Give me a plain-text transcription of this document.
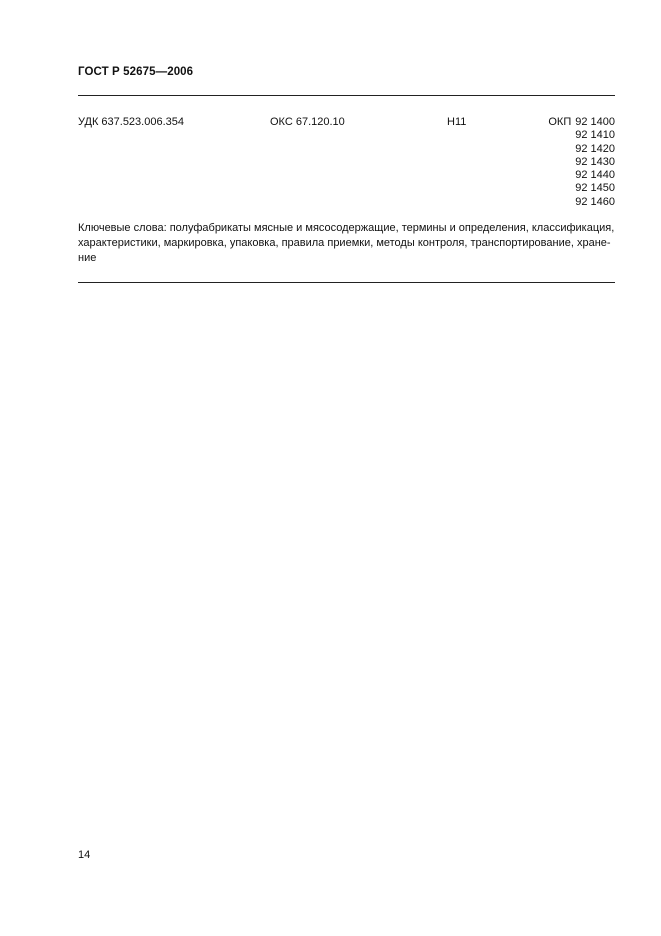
ГОСТ Р 52675—2006
УДК 637.523.006.354	ОКС 67.120.10	Н11	ОКП 92 1400
92 1410
92 1420
92 1430
92 1440
92 1450
92 1460
Ключевые слова: полуфабрикаты мясные и мясосодержащие, термины и определения, классификация,
характеристики, маркировка, упаковка, правила приемки, методы контроля, транспортирование, хране-
ние
14
